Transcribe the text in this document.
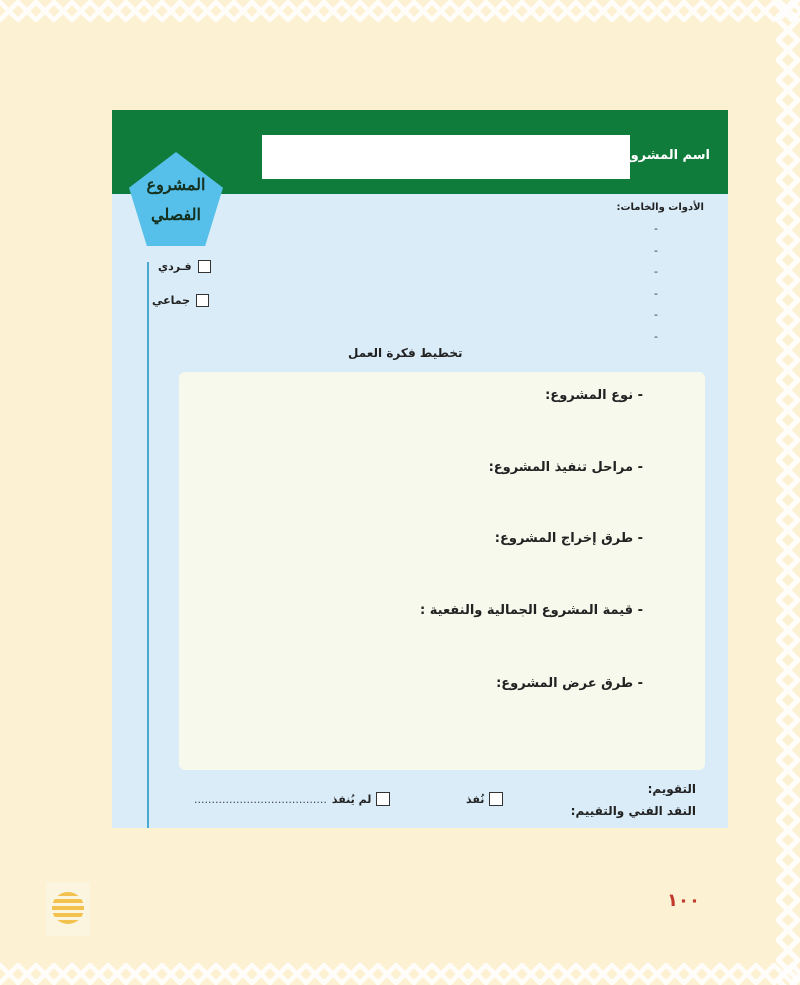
اسم المشروع
المشروع
الفصلي
فـردي
جماعي
الأدوات والخامات:
-
-
-
-
-
-
تخطيط فكرة العمل
- نوع المشروع:
- مراحل تنفيذ المشروع:
- طرق إخراج المشروع:
- قيمة المشروع الجمالية والنفعية :
- طرق عرض المشروع:
التقويم:
النقد الفني والتقييم:
نُفذ
لم يُنفذ
......................................
١٠٠
